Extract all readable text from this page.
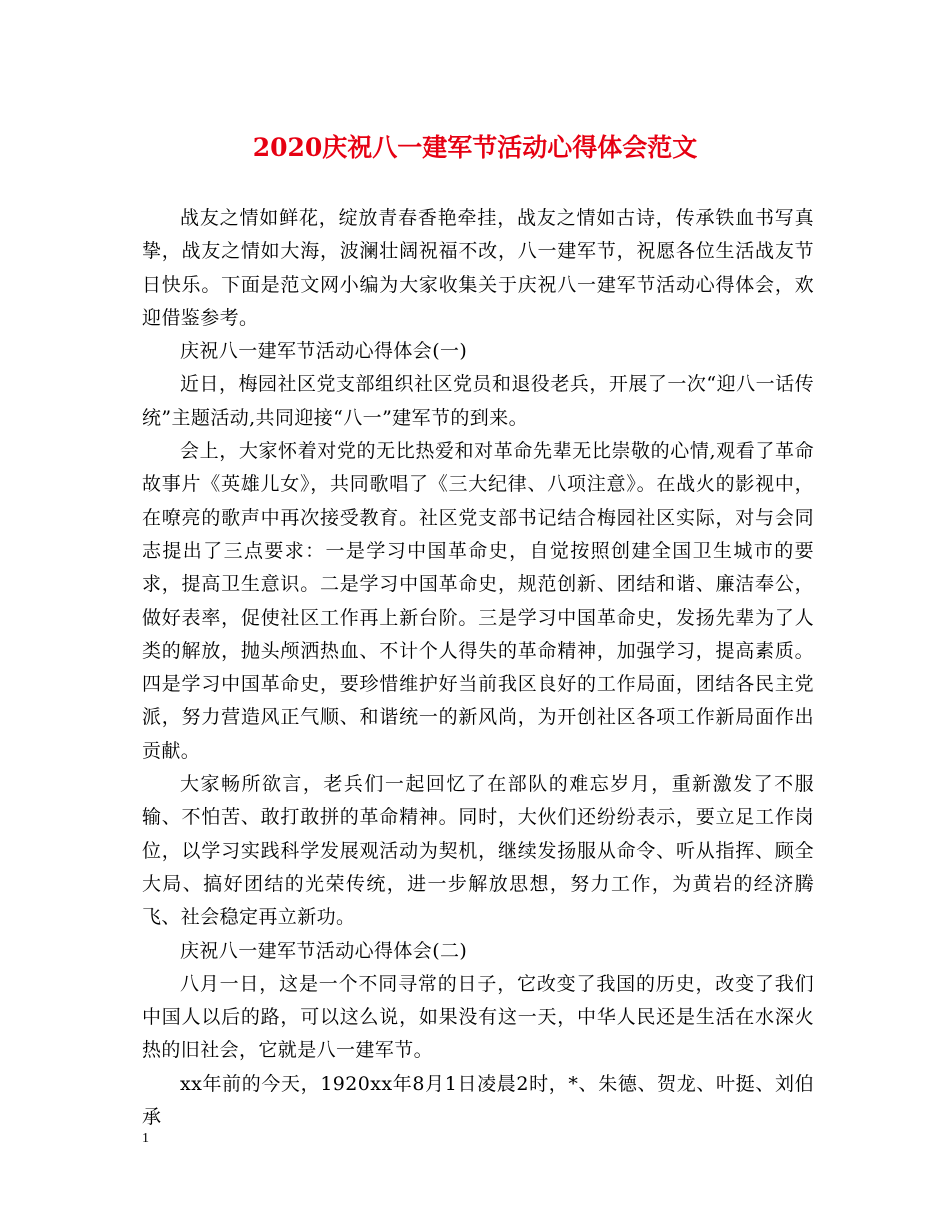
2020庆祝八一建军节活动心得体会范文

战友之情如鲜花，绽放青春香艳牵挂，战友之情如古诗，传承铁血书写真挚，战友之情如大海，波澜壮阔祝福不改，八一建军节，祝愿各位生活战友节日快乐。下面是范文网小编为大家收集关于庆祝八一建军节活动心得体会，欢迎借鉴参考。

庆祝八一建军节活动心得体会(一)

近日，梅园社区党支部组织社区党员和退役老兵，开展了一次“迎八一话传统”主题活动,共同迎接“八一”建军节的到来。

会上，大家怀着对党的无比热爱和对革命先辈无比崇敬的心情,观看了革命故事片《英雄儿女》，共同歌唱了《三大纪律、八项注意》。在战火的影视中，在嘹亮的歌声中再次接受教育。社区党支部书记结合梅园社区实际，对与会同志提出了三点要求：一是学习中国革命史，自觉按照创建全国卫生城市的要求，提高卫生意识。二是学习中国革命史，规范创新、团结和谐、廉洁奉公，做好表率，促使社区工作再上新台阶。三是学习中国革命史，发扬先辈为了人类的解放，抛头颅洒热血、不计个人得失的革命精神，加强学习，提高素质。四是学习中国革命史，要珍惜维护好当前我区良好的工作局面，团结各民主党派，努力营造风正气顺、和谐统一的新风尚，为开创社区各项工作新局面作出贡献。

大家畅所欲言，老兵们一起回忆了在部队的难忘岁月，重新激发了不服输、不怕苦、敢打敢拼的革命精神。同时，大伙们还纷纷表示，要立足工作岗位，以学习实践科学发展观活动为契机，继续发扬服从命令、听从指挥、顾全大局、搞好团结的光荣传统，进一步解放思想，努力工作，为黄岩的经济腾飞、社会稳定再立新功。

庆祝八一建军节活动心得体会(二)

八月一日，这是一个不同寻常的日子，它改变了我国的历史，改变了我们中国人以后的路，可以这么说，如果没有这一天，中华人民还是生活在水深火热的旧社会，它就是八一建军节。

xx年前的今天，1920xx年8月1日凌晨2时，*、朱德、贺龙、叶挺、刘伯承

1
